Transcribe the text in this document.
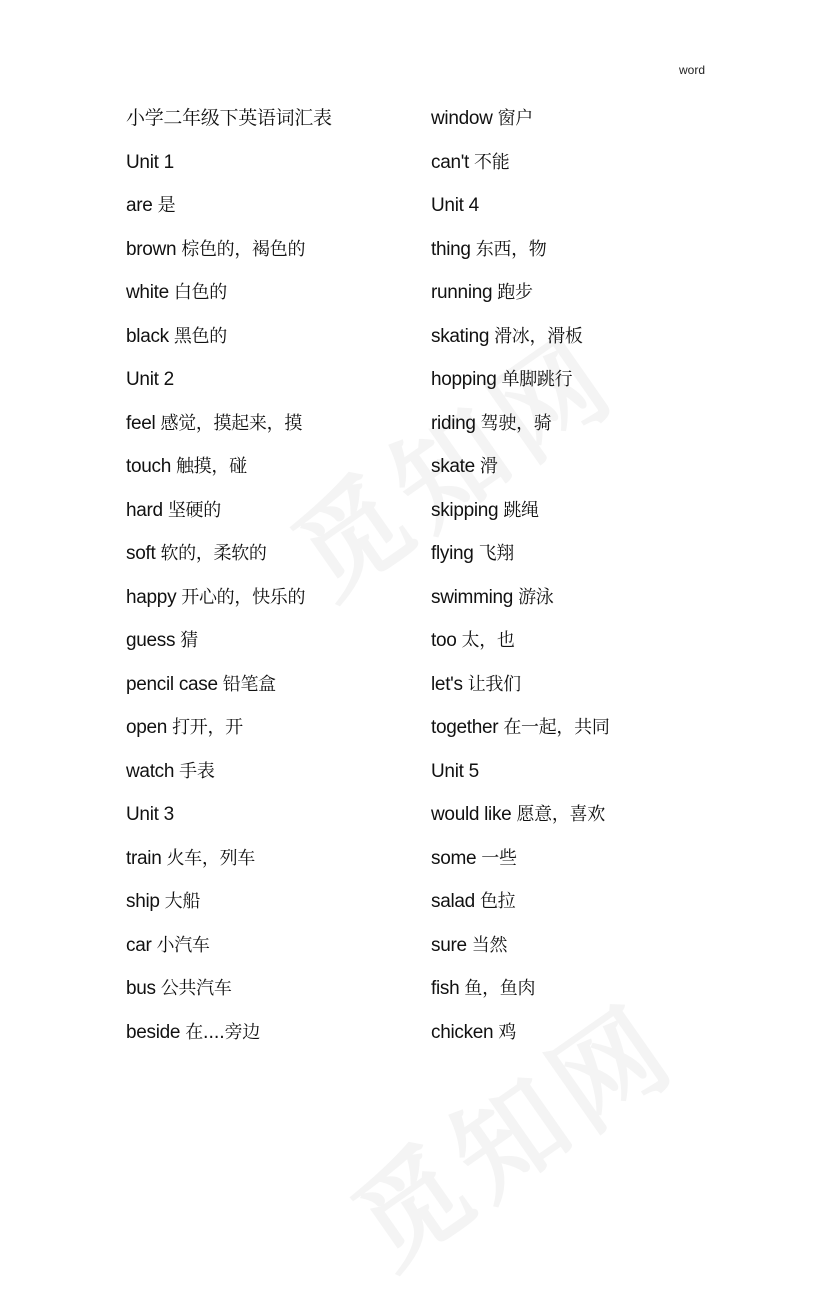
word
小学二年级下英语词汇表
Unit 1
are 是
brown 棕色的，褐色的
white 白色的
black 黑色的
Unit 2
feel 感觉，摸起来，摸
touch 触摸，碰
hard 坚硬的
soft 软的，柔软的
happy 开心的，快乐的
guess 猜
pencil case 铅笔盒
open 打开，开
watch 手表
Unit 3
train 火车，列车
ship 大船
car 小汽车
bus 公共汽车
beside 在....旁边
window 窗户
can't 不能
Unit 4
thing 东西，物
running 跑步
skating 滑冰，滑板
hopping 单脚跳行
riding 驾驶，骑
skate 滑
skipping 跳绳
flying 飞翔
swimming 游泳
too 太，也
let's 让我们
together 在一起，共同
Unit 5
would like 愿意，喜欢
some 一些
salad 色拉
sure 当然
fish 鱼，鱼肉
chicken 鸡
